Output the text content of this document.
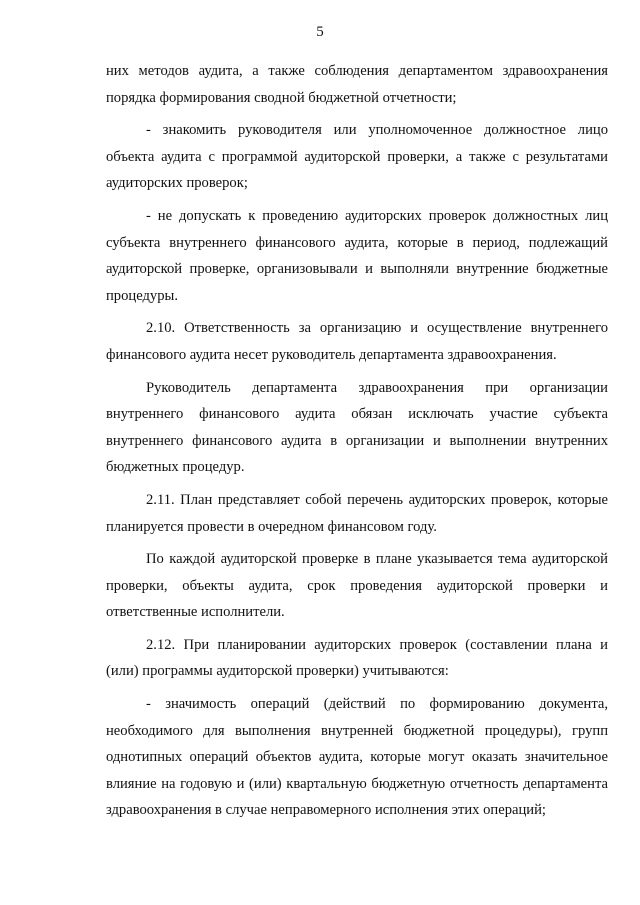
5

них методов аудита, а также соблюдения департаментом здравоохранения порядка формирования сводной бюджетной отчетности;

- знакомить руководителя или уполномоченное должностное лицо объекта аудита с программой аудиторской проверки, а также с результатами аудиторских проверок;

- не допускать к проведению аудиторских проверок должностных лиц субъекта внутреннего финансового аудита, которые в период, подлежащий аудиторской проверке, организовывали и выполняли внутренние бюджетные процедуры.

2.10. Ответственность за организацию и осуществление внутреннего финансового аудита несет руководитель департамента здравоохранения.

Руководитель департамента здравоохранения при организации внутреннего финансового аудита обязан исключать участие субъекта внутреннего финансового аудита в организации и выполнении внутренних бюджетных процедур.

2.11. План представляет собой перечень аудиторских проверок, которые планируется провести в очередном финансовом году.

По каждой аудиторской проверке в плане указывается тема аудиторской проверки, объекты аудита, срок проведения аудиторской проверки и ответственные исполнители.

2.12. При планировании аудиторских проверок (составлении плана и (или) программы аудиторской проверки) учитываются:

- значимость операций (действий по формированию документа, необходимого для выполнения внутренней бюджетной процедуры), групп однотипных операций объектов аудита, которые могут оказать значительное влияние на годовую и (или) квартальную бюджетную отчетность департамента здравоохранения в случае неправомерного исполнения этих операций;
